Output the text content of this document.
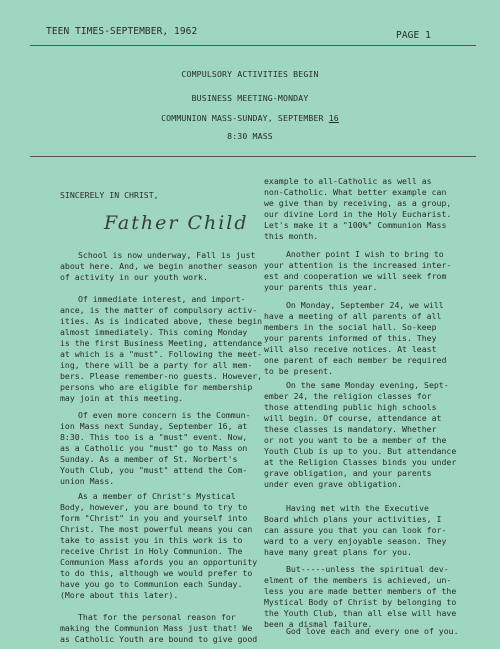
TEEN TIMES-SEPTEMBER, 1962	PAGE 1
COMPULSORY ACTIVITIES BEGIN
BUSINESS MEETING-MONDAY
COMMUNION MASS-SUNDAY, SEPTEMBER 16
8:30 MASS
SINCERELY IN CHRIST,
Father Child
School is now underway, Fall is just
about here. And, we begin another season
of activity in our youth work.
Of immediate interest, and import-
ance, is the matter of compulsory activ-
ities. As is indicated above, these begin
almost immediately. This coming Monday
is the first Business Meeting, attendance
at which is a "must". Following the meet-
ing, there will be a party for all mem-
bers. Please remember-no guests. However,
persons who are eligible for membership
may join at this meeting.
Of even more concern is the Commun-
ion Mass next Sunday, September 16, at
8:30. This too is a "must" event. Now,
as a Catholic you "must" go to Mass on
Sunday. As a member of St. Norbert's
Youth Club, you "must" attend the Com-
union Mass.
As a member of Christ's Mystical
Body, however, you are bound to try to
form "Christ" in you and yourself into
Christ. The most powerful means you can
take to assist you in this work is to
receive Christ in Holy Communion. The
Communion Mass afords you an opportunity
to do this, although we would prefer to
have you go to Communion each Sunday.
(More about this later).
That for the personal reason for
making the Communion Mass just that! We
as Catholic Youth are bound to give good
example to all-Catholic as well as
non-Catholic. What better example can
we give than by receiving, as a group,
our divine Lord in the Holy Eucharist.
Let's make it a "100%" Communion Mass
this month.
Another point I wish to bring to
your attention is the increased inter-
est and cooperation we will seek from
your parents this year.
On Monday, September 24, we will
have a meeting of all parents of all
members in the social hall. So-keep
your parents informed of this. They
will also receive notices. At least
one parent of each member be required
to be present.
On the same Monday evening, Sept-
ember 24, the religion classes for
those attending public high schools
will begin. Of course, attendance at
these classes is mandatory. Whether
or not you want to be a member of the
Youth Club is up to you. But attendance
at the Religion Classes binds you under
grave obligation, and your parents
under even grave obligation.
Having met with the Executive
Board which plans your activities, I
can assure you that you can look for-
ward to a very enjoyable season. They
have many great plans for you.
But-----unless the spiritual dev-
elment of the members is achieved, un-
less you are made better members of the
Mystical Body of Christ by belonging to
the Youth Club, than all else will have
been a dismal failure.
God love each and every one of you.
